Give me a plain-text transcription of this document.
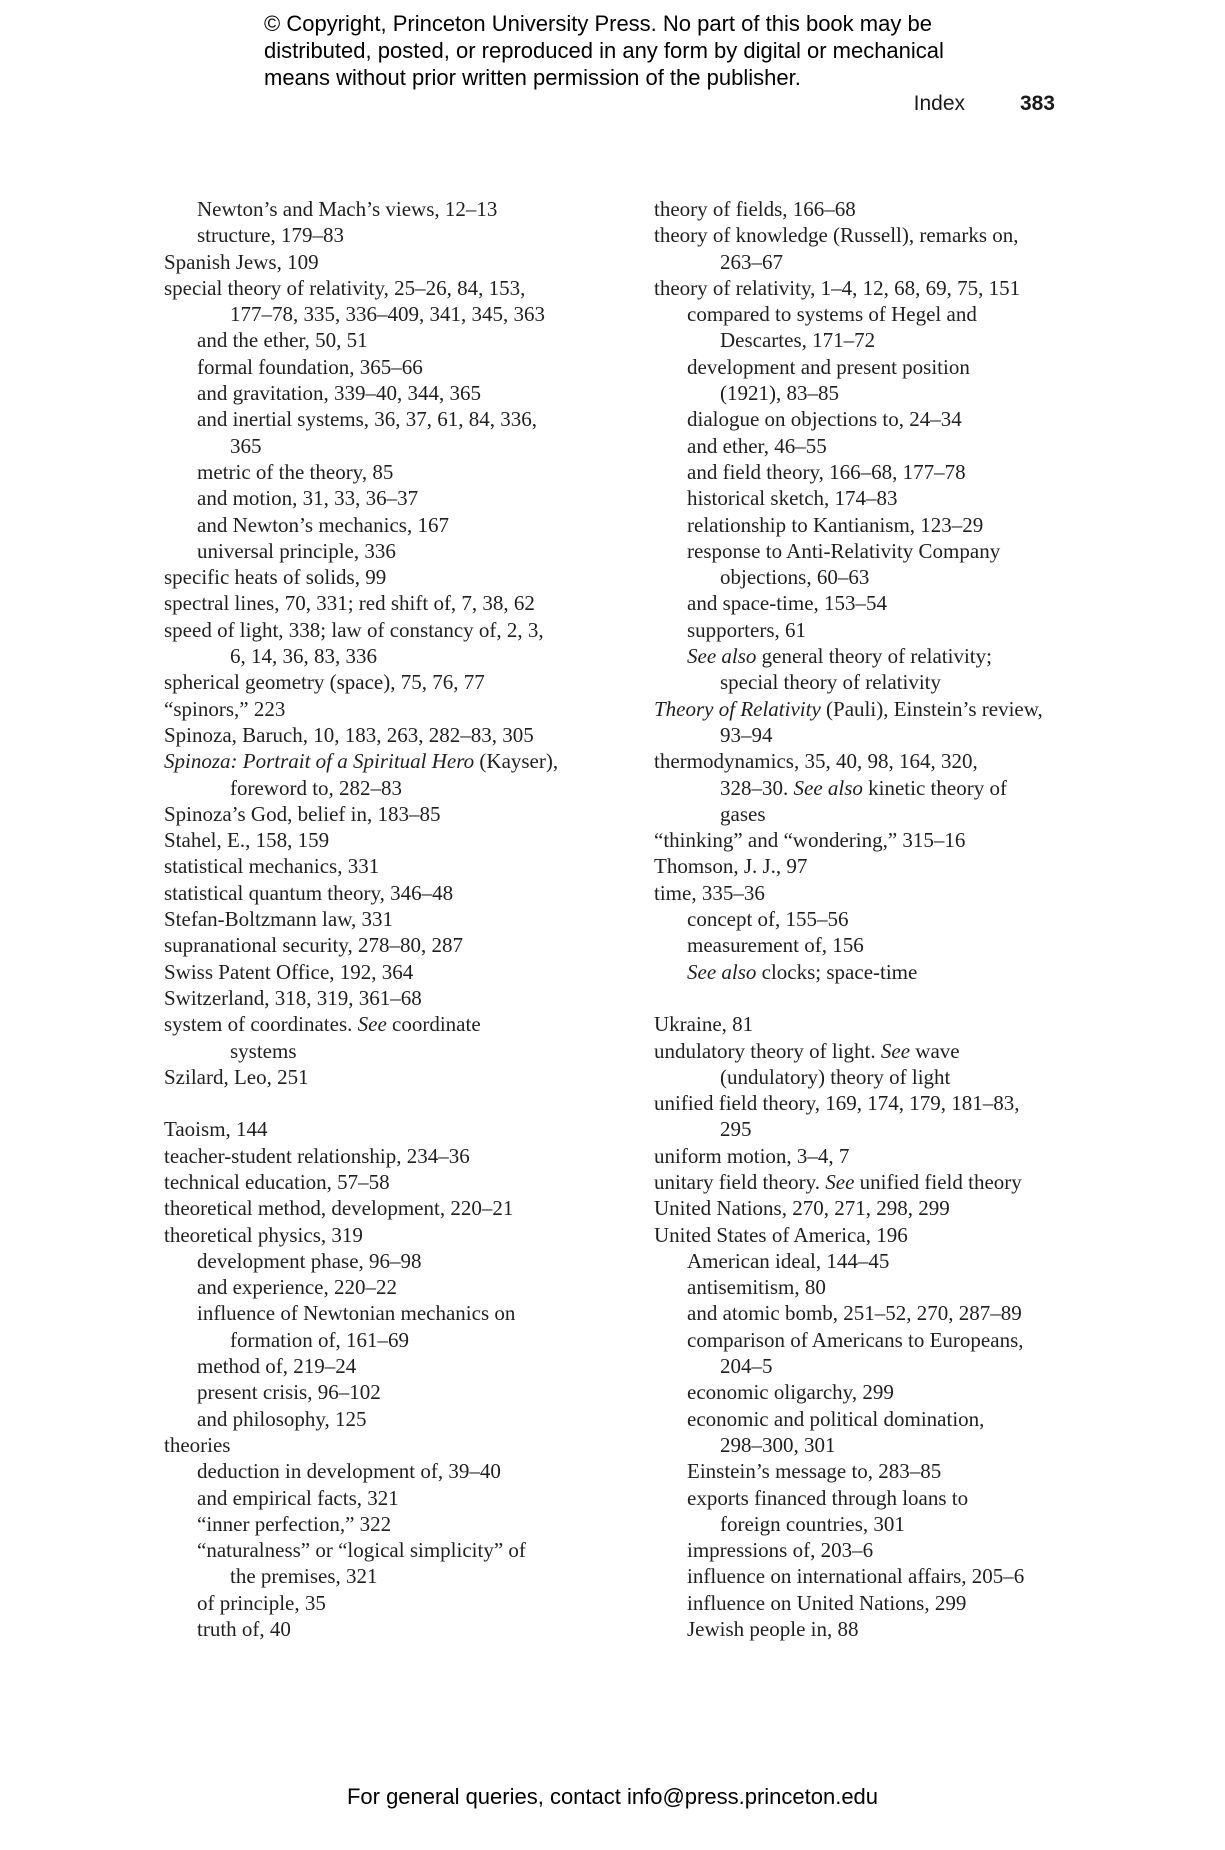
© Copyright, Princeton University Press. No part of this book may be
distributed, posted, or reproduced in any form by digital or mechanical
means without prior written permission of the publisher.
Index	383
Newton’s and Mach’s views, 12–13
structure, 179–83
Spanish Jews, 109
special theory of relativity, 25–26, 84, 153,
177–78, 335, 336–409, 341, 345, 363
and the ether, 50, 51
formal foundation, 365–66
and gravitation, 339–40, 344, 365
and inertial systems, 36, 37, 61, 84, 336,
365
metric of the theory, 85
and motion, 31, 33, 36–37
and Newton’s mechanics, 167
universal principle, 336
specific heats of solids, 99
spectral lines, 70, 331; red shift of, 7, 38, 62
speed of light, 338; law of constancy of, 2, 3,
6, 14, 36, 83, 336
spherical geometry (space), 75, 76, 77
“spinors,” 223
Spinoza, Baruch, 10, 183, 263, 282–83, 305
Spinoza: Portrait of a Spiritual Hero (Kayser),
foreword to, 282–83
Spinoza’s God, belief in, 183–85
Stahel, E., 158, 159
statistical mechanics, 331
statistical quantum theory, 346–48
Stefan-Boltzmann law, 331
supranational security, 278–80, 287
Swiss Patent Office, 192, 364
Switzerland, 318, 319, 361–68
system of coordinates. See coordinate
systems
Szilard, Leo, 251
Taoism, 144
teacher-student relationship, 234–36
technical education, 57–58
theoretical method, development, 220–21
theoretical physics, 319
development phase, 96–98
and experience, 220–22
influence of Newtonian mechanics on
formation of, 161–69
method of, 219–24
present crisis, 96–102
and philosophy, 125
theories
deduction in development of, 39–40
and empirical facts, 321
“inner perfection,” 322
“naturalness” or “logical simplicity” of
the premises, 321
of principle, 35
truth of, 40
theory of fields, 166–68
theory of knowledge (Russell), remarks on,
263–67
theory of relativity, 1–4, 12, 68, 69, 75, 151
compared to systems of Hegel and
Descartes, 171–72
development and present position
(1921), 83–85
dialogue on objections to, 24–34
and ether, 46–55
and field theory, 166–68, 177–78
historical sketch, 174–83
relationship to Kantianism, 123–29
response to Anti-Relativity Company
objections, 60–63
and space-time, 153–54
supporters, 61
See also general theory of relativity;
special theory of relativity
Theory of Relativity (Pauli), Einstein’s review,
93–94
thermodynamics, 35, 40, 98, 164, 320,
328–30. See also kinetic theory of
gases
“thinking” and “wondering,” 315–16
Thomson, J. J., 97
time, 335–36
concept of, 155–56
measurement of, 156
See also clocks; space-time
Ukraine, 81
undulatory theory of light. See wave
(undulatory) theory of light
unified field theory, 169, 174, 179, 181–83,
295
uniform motion, 3–4, 7
unitary field theory. See unified field theory
United Nations, 270, 271, 298, 299
United States of America, 196
American ideal, 144–45
antisemitism, 80
and atomic bomb, 251–52, 270, 287–89
comparison of Americans to Europeans,
204–5
economic oligarchy, 299
economic and political domination,
298–300, 301
Einstein’s message to, 283–85
exports financed through loans to
foreign countries, 301
impressions of, 203–6
influence on international affairs, 205–6
influence on United Nations, 299
Jewish people in, 88
For general queries, contact info@press.princeton.edu
